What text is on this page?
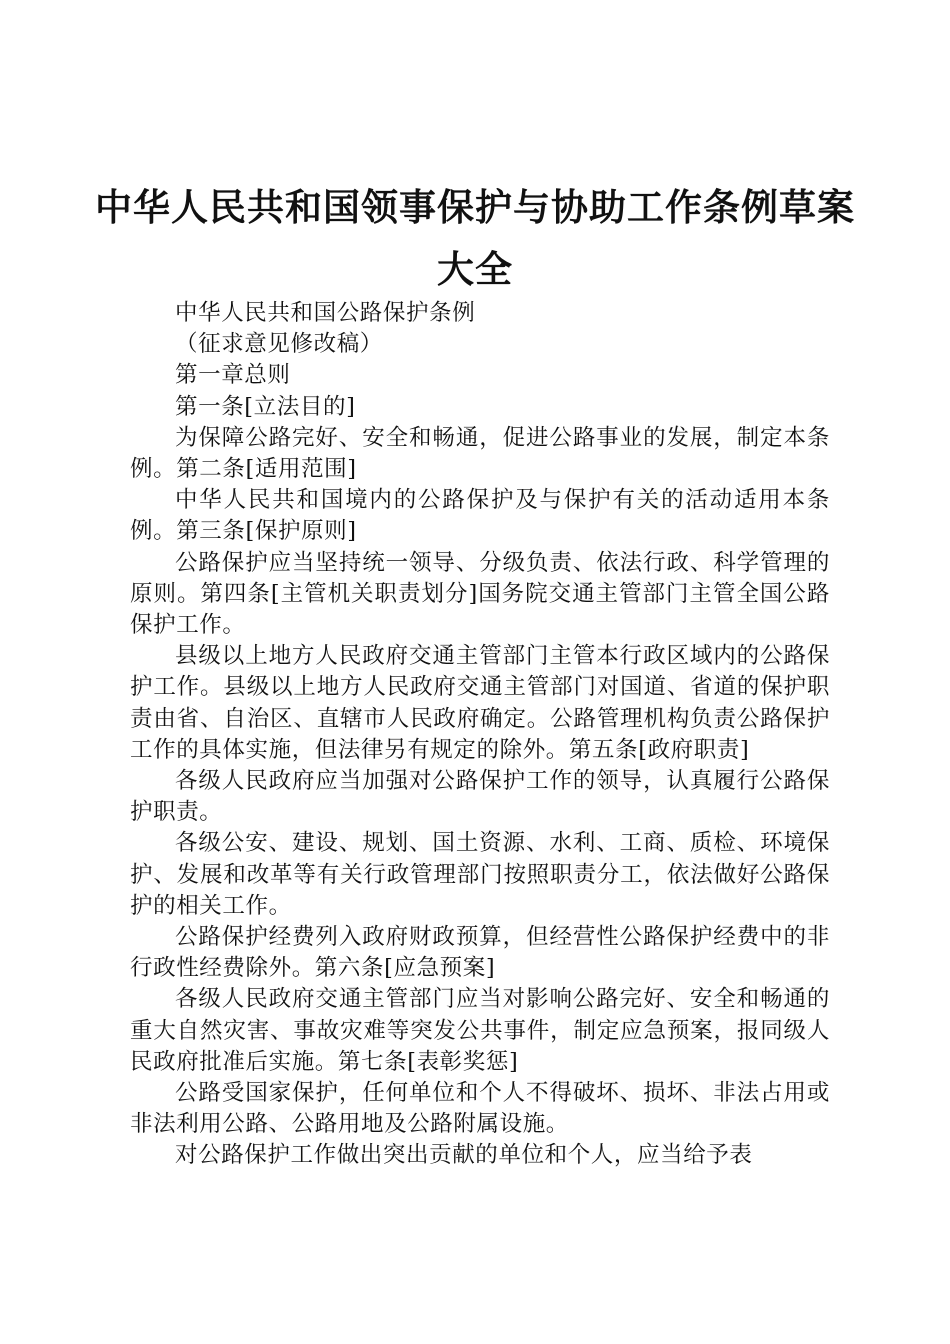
中华人民共和国领事保护与协助工作条例草案
大全

中华人民共和国公路保护条例

（征求意见修改稿）

第一章总则

第一条[立法目的]

为保障公路完好、安全和畅通，促进公路事业的发展，制定本条例。第二条[适用范围]

中华人民共和国境内的公路保护及与保护有关的活动适用本条例。第三条[保护原则]

公路保护应当坚持统一领导、分级负责、依法行政、科学管理的原则。第四条[主管机关职责划分]国务院交通主管部门主管全国公路保护工作。

县级以上地方人民政府交通主管部门主管本行政区域内的公路保护工作。县级以上地方人民政府交通主管部门对国道、省道的保护职责由省、自治区、直辖市人民政府确定。公路管理机构负责公路保护工作的具体实施，但法律另有规定的除外。第五条[政府职责]

各级人民政府应当加强对公路保护工作的领导，认真履行公路保护职责。

各级公安、建设、规划、国土资源、水利、工商、质检、环境保护、发展和改革等有关行政管理部门按照职责分工，依法做好公路保护的相关工作。

公路保护经费列入政府财政预算，但经营性公路保护经费中的非行政性经费除外。第六条[应急预案]

各级人民政府交通主管部门应当对影响公路完好、安全和畅通的重大自然灾害、事故灾难等突发公共事件，制定应急预案，报同级人民政府批准后实施。第七条[表彰奖惩]

公路受国家保护，任何单位和个人不得破坏、损坏、非法占用或非法利用公路、公路用地及公路附属设施。

对公路保护工作做出突出贡献的单位和个人，应当给予表
